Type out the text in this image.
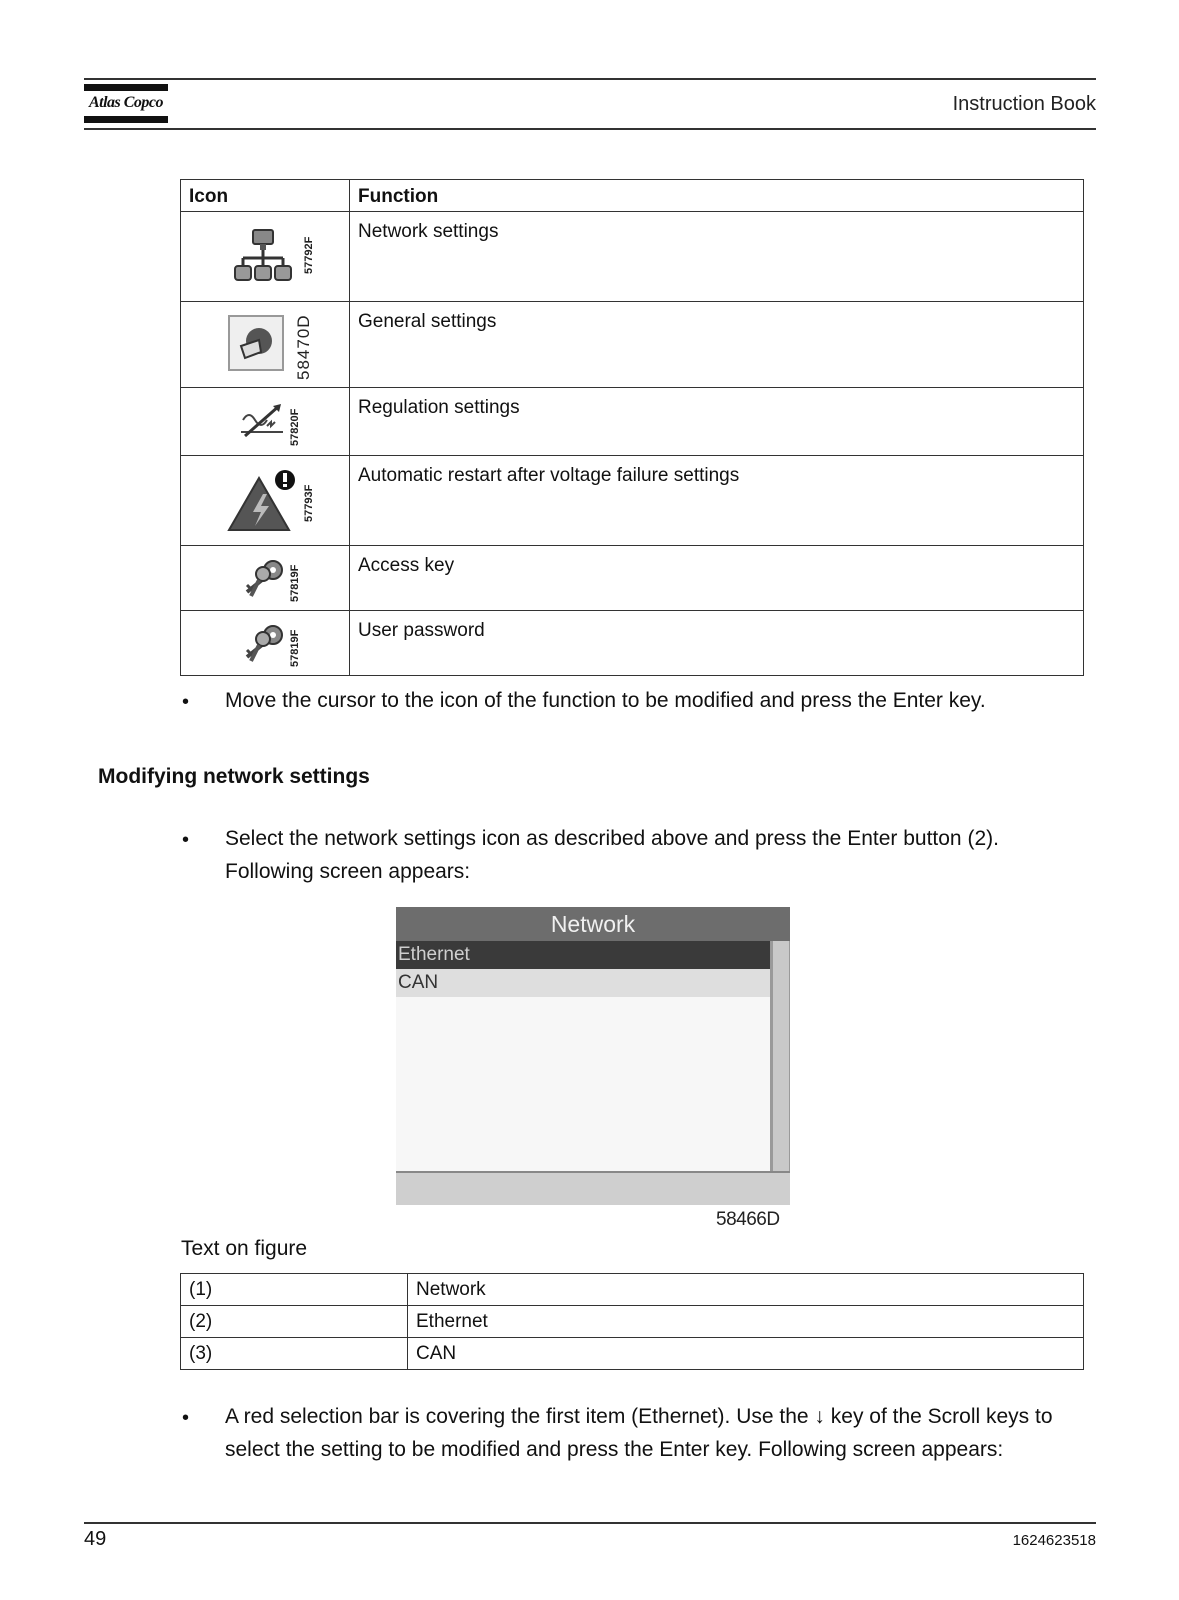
Atlas Copco	Instruction Book
Icon	Function

57792F	Network settings

58470D	General settings

57820F	Regulation settings

57793F	Automatic restart after voltage failure settings

57819F	Access key

57819F	User password
• Move the cursor to the icon of the function to be modified and press the Enter key.
Modifying network settings
• Select the network settings icon as described above and press the Enter button (2).
Following screen appears:
Network
Ethernet
CAN
58466D
Text on figure
(1)	Network
(2)	Ethernet
(3)	CAN
• A red selection bar is covering the first item (Ethernet). Use the ↓ key of the Scroll keys to
select the setting to be modified and press the Enter key. Following screen appears:
49	1624623518
